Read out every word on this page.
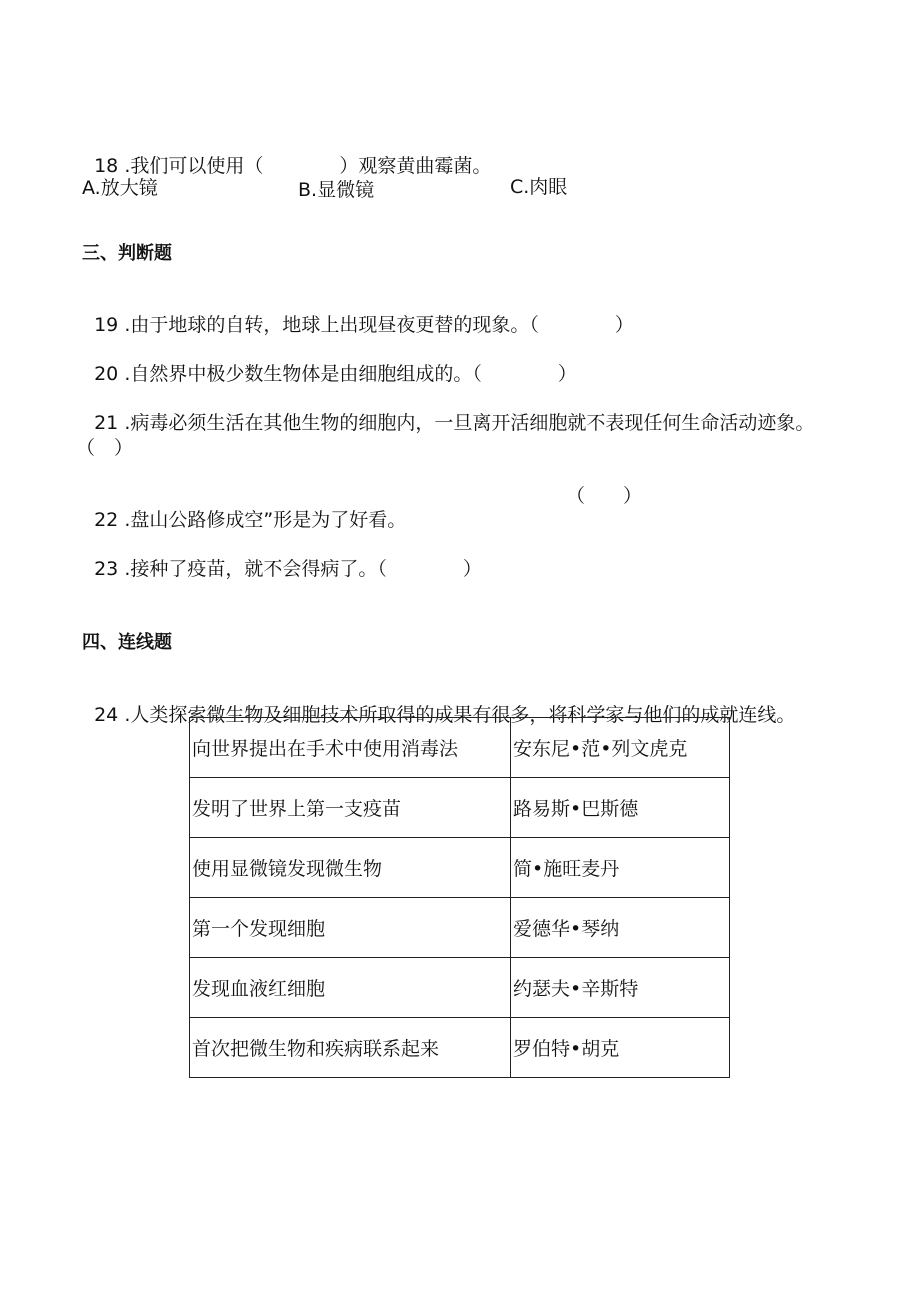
18 .我们可以使用（　　　　）观察黄曲霉菌。

A.放大镜	B.显微镜	C.肉眼
三、判断题

19 .由于地球的自转，地球上出现昼夜更替的现象。（　　　　）

20 .自然界中极少数生物体是由细胞组成的。（　　　　）

21 .病毒必须生活在其他生物的细胞内，一旦离开活细胞就不表现任何生命活动迹象。

（　）

22 .盘山公路修成空”形是为了好看。

（　　）

23 .接种了疫苗，就不会得病了。（　　　　）

四、连线题

24 .人类探索微生物及细胞技术所取得的成果有很多，将科学家与他们的成就连线。

向世界提出在手术中使用消毒法	安东尼•范•列文虎克
发明了世界上第一支疫苗	路易斯•巴斯德
使用显微镜发现微生物	简•施旺麦丹
第一个发现细胞	爱德华•琴纳
发现血液红细胞	约瑟夫•辛斯特
首次把微生物和疾病联系起来	罗伯特•胡克
